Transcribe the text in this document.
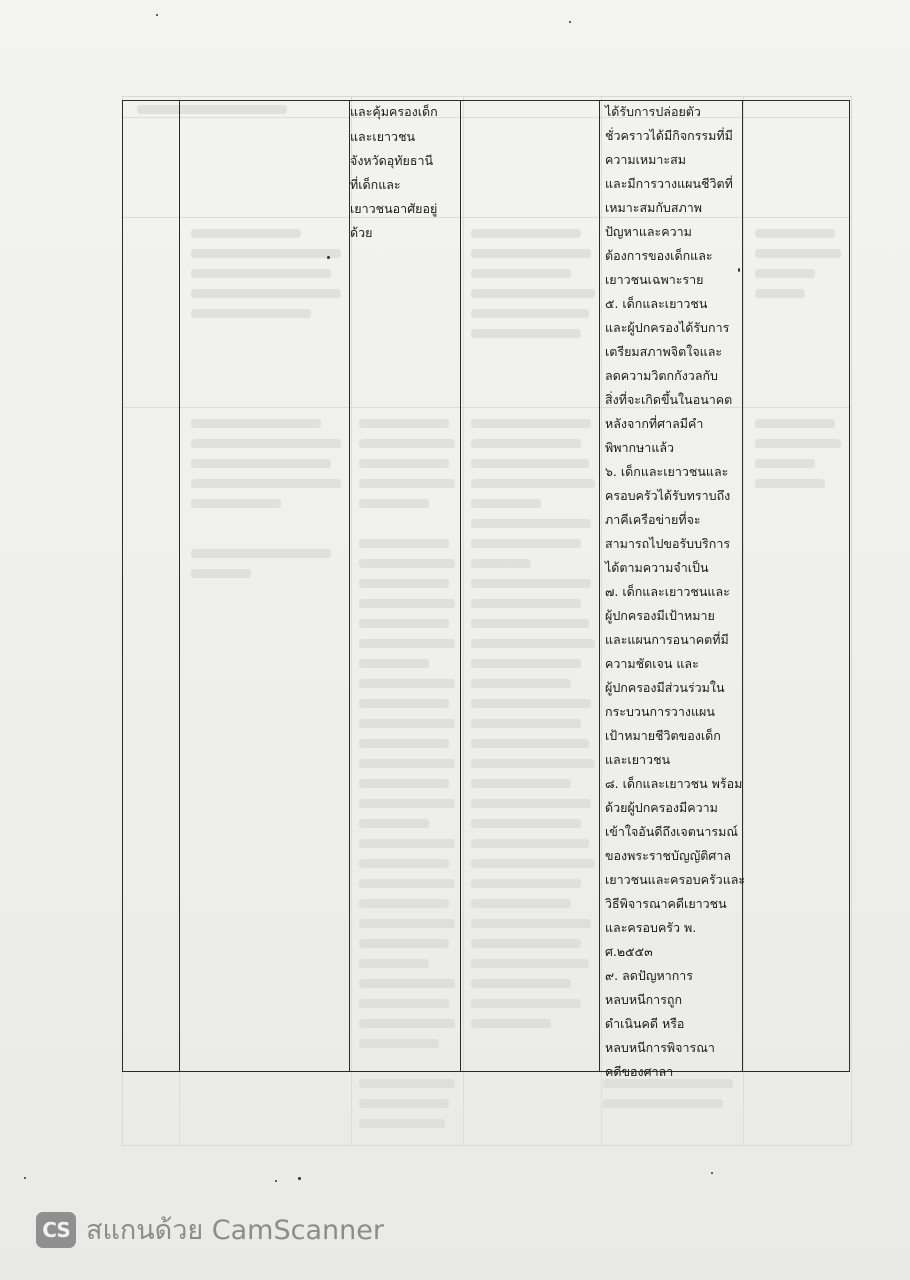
และคุ้มครองเด็ก
และเยาวชน
จังหวัดอุทัยธานี
ที่เด็กและ
เยาวชนอาศัยอยู่
ด้วย
ได้รับการปล่อยตัว
ชั่วคราวได้มีกิจกรรมที่มี
ความเหมาะสม
และมีการวางแผนชีวิตที่
เหมาะสมกับสภาพ
ปัญหาและความ
ต้องการของเด็กและ
เยาวชนเฉพาะราย
๕. เด็กและเยาวชน
และผู้ปกครองได้รับการ
เตรียมสภาพจิตใจและ
ลดความวิตกกังวลกับ
สิ่งที่จะเกิดขึ้นในอนาคต
หลังจากที่ศาลมีคำ
พิพากษาแล้ว
๖. เด็กและเยาวชนและ
ครอบครัวได้รับทราบถึง
ภาคีเครือข่ายที่จะ
สามารถไปขอรับบริการ
ได้ตามความจำเป็น
๗. เด็กและเยาวชนและ
ผู้ปกครองมีเป้าหมาย
และแผนการอนาคตที่มี
ความชัดเจน และ
ผู้ปกครองมีส่วนร่วมใน
กระบวนการวางแผน
เป้าหมายชีวิตของเด็ก
และเยาวชน
๘. เด็กและเยาวชน พร้อม
ด้วยผู้ปกครองมีความ
เข้าใจอันดีถึงเจตนารมณ์
ของพระราชบัญญัติศาล
เยาวชนและครอบครัวและ
วิธีพิจารณาคดีเยาวชน
และครอบครัว พ.
ศ.๒๕๕๓
๙. ลดปัญหาการ
หลบหนีการถูก
ดำเนินคดี หรือ
หลบหนีการพิจารณา
คดีของศาลา
CS สแกนด้วย CamScanner
